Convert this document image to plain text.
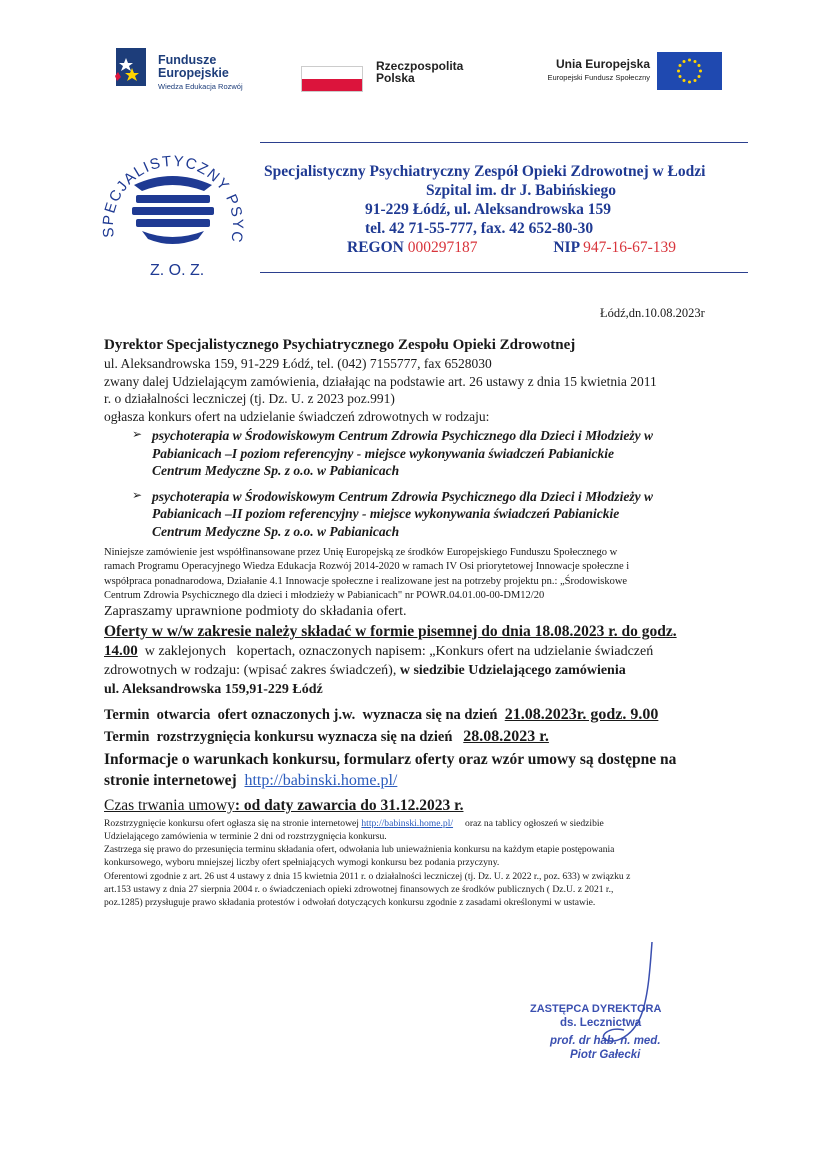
Fundusze
Europejskie
Wiedza Edukacja Rozwój
Rzeczpospolita
Polska
Unia Europejska
Europejski Fundusz Społeczny
SPECJALISTYCZNY PSYC
Z. O. Z.
Specjalistyczny Psychiatryczny Zespół Opieki Zdrowotnej w Łodzi
Szpital im. dr J. Babińskiego
91-229 Łódź, ul. Aleksandrowska 159
tel. 42 71-55-777, fax. 42 652-80-30
REGON 000297187	NIP 947-16-67-139
Łódź,dn.10.08.2023r
Dyrektor Specjalistycznego Psychiatrycznego Zespołu Opieki Zdrowotnej
ul. Aleksandrowska 159, 91-229 Łódź, tel. (042) 7155777, fax 6528030
zwany dalej Udzielającym zamówienia, działając na podstawie art. 26 ustawy z dnia 15 kwietnia 2011
r. o działalności leczniczej (tj. Dz. U. z 2023 poz.991)
ogłasza konkurs ofert na udzielanie świadczeń zdrowotnych w rodzaju:
➢ psychoterapia w Środowiskowym Centrum Zdrowia Psychicznego dla Dzieci i Młodzieży w
Pabianicach –I poziom referencyjny - miejsce wykonywania świadczeń Pabianickie
Centrum Medyczne Sp. z o.o. w Pabianicach
➢ psychoterapia w Środowiskowym Centrum Zdrowia Psychicznego dla Dzieci i Młodzieży w
Pabianicach –II poziom referencyjny - miejsce wykonywania świadczeń Pabianickie
Centrum Medyczne Sp. z o.o. w Pabianicach
Niniejsze zamówienie jest współfinansowane przez Unię Europejską ze środków Europejskiego Funduszu Społecznego w
ramach Programu Operacyjnego Wiedza Edukacja Rozwój 2014-2020 w ramach IV Osi priorytetowej Innowacje społeczne i
współpraca ponadnarodowa, Działanie 4.1 Innowacje społeczne i realizowane jest na potrzeby projektu pn.: „Środowiskowe
Centrum Zdrowia Psychicznego dla dzieci i młodzieży w Pabianicach" nr POWR.04.01.00-00-DM12/20
Zapraszamy uprawnione podmioty do składania ofert.
Oferty w w/w zakresie należy składać w formie pisemnej do dnia 18.08.2023 r. do godz.
14.00  w zaklejonych   kopertach, oznaczonych napisem: „Konkurs ofert na udzielanie świadczeń
zdrowotnych w rodzaju: (wpisać zakres świadczeń), w siedzibie Udzielającego zamówienia
ul. Aleksandrowska 159,91-229 Łódź
Termin  otwarcia  ofert oznaczonych j.w.  wyznacza się na dzień  21.08.2023r. godz. 9.00
Termin  rozstrzygnięcia konkursu wyznacza się na dzień   28.08.2023 r.
Informacje o warunkach konkursu, formularz oferty oraz wzór umowy są dostępne na
stronie internetowej  http://babinski.home.pl/
Czas trwania umowy: od daty zawarcia do 31.12.2023 r.
Rozstrzygnięcie konkursu ofert ogłasza się na stronie internetowej http://babinski.home.pl/     oraz na tablicy ogłoszeń w siedzibie
Udzielającego zamówienia w terminie 2 dni od rozstrzygnięcia konkursu.
Zastrzega się prawo do przesunięcia terminu składania ofert, odwołania lub unieważnienia konkursu na każdym etapie postępowania
konkursowego, wyboru mniejszej liczby ofert spełniających wymogi konkursu bez podania przyczyny.
Oferentowi zgodnie z art. 26 ust 4 ustawy z dnia 15 kwietnia 2011 r. o działalności leczniczej (tj. Dz. U. z 2022 r., poz. 633) w związku z
art.153 ustawy z dnia 27 sierpnia 2004 r. o świadczeniach opieki zdrowotnej finansowych ze środków publicznych ( Dz.U. z 2021 r.,
poz.1285) przysługuje prawo składania protestów i odwołań dotyczących konkursu zgodnie z zasadami określonymi w ustawie.
ZASTĘPCA DYREKTORA
ds. Lecznictwa
prof. dr hab. n. med.
Piotr Gałecki
